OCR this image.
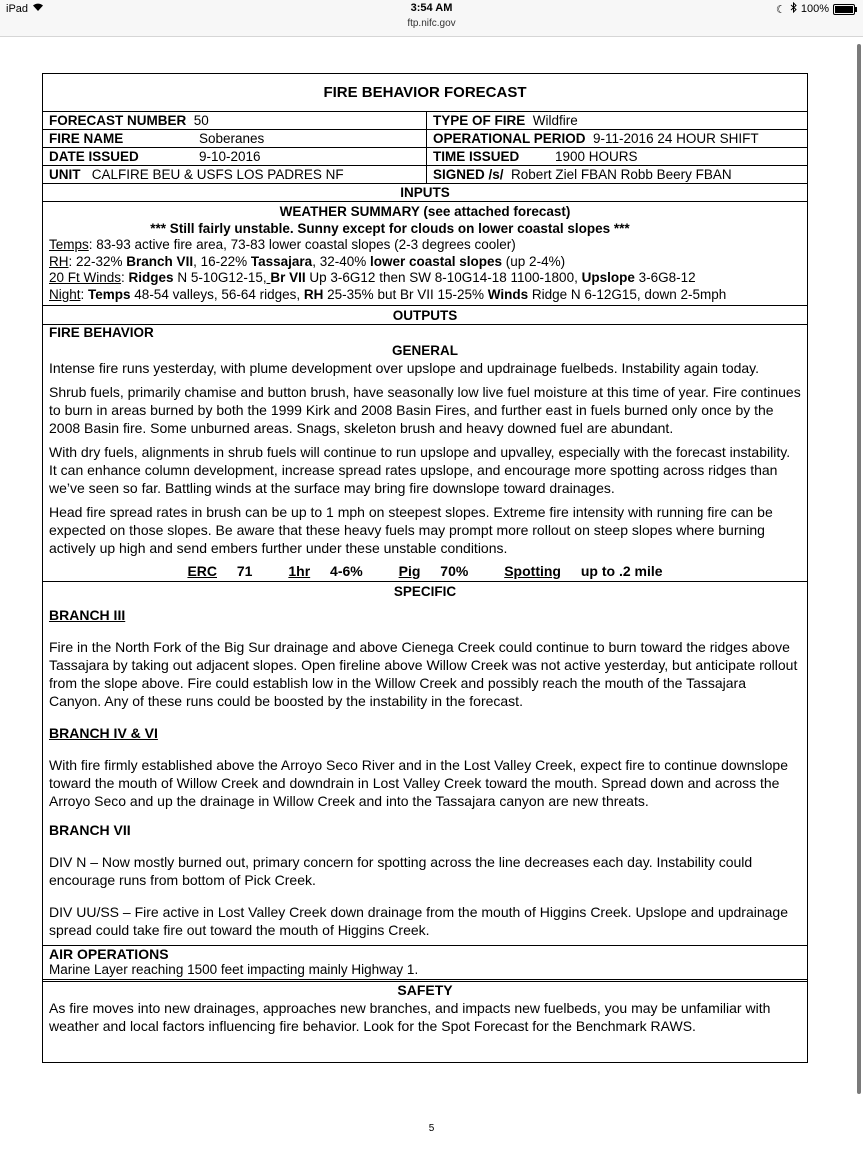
iPad	3:54 AM
ftp.nifc.gov
☾ 100%
FIRE BEHAVIOR FORECAST
FORECAST NUMBER 50	TYPE OF FIRE Wildfire
FIRE NAME	Soberanes	OPERATIONAL PERIOD 9-11-2016 24 HOUR SHIFT
DATE ISSUED	9-10-2016	TIME ISSUED	1900 HOURS
UNIT CALFIRE BEU & USFS LOS PADRES NF	SIGNED /s/ Robert Ziel FBAN Robb Beery FBAN
INPUTS
WEATHER SUMMARY (see attached forecast)
*** Still fairly unstable. Sunny except for clouds on lower coastal slopes ***
Temps: 83-93 active fire area, 73-83 lower coastal slopes (2-3 degrees cooler)
RH: 22-32% Branch VII, 16-22% Tassajara, 32-40% lower coastal slopes (up 2-4%)
20 Ft Winds: Ridges N 5-10G12-15, Br VII Up 3-6G12 then SW 8-10G14-18 1100-1800, Upslope 3-6G8-12
Night: Temps 48-54 valleys, 56-64 ridges, RH 25-35% but Br VII 15-25% Winds Ridge N 6-12G15, down 2-5mph
OUTPUTS
FIRE BEHAVIOR
GENERAL

Intense fire runs yesterday, with plume development over upslope and updrainage fuelbeds. Instability again today.

Shrub fuels, primarily chamise and button brush, have seasonally low live fuel moisture at this time of year. Fire continues to burn in areas burned by both the 1999 Kirk and 2008 Basin Fires, and further east in fuels burned only once by the 2008 Basin fire. Some unburned areas. Snags, skeleton brush and heavy downed fuel are abundant.

With dry fuels, alignments in shrub fuels will continue to run upslope and upvalley, especially with the forecast instability. It can enhance column development, increase spread rates upslope, and encourage more spotting across ridges than we’ve seen so far. Battling winds at the surface may bring fire downslope toward drainages.

Head fire spread rates in brush can be up to 1 mph on steepest slopes. Extreme fire intensity with running fire can be expected on those slopes. Be aware that these heavy fuels may prompt more rollout on steep slopes where burning actively up high and send embers further under these unstable conditions.

ERC 71	1hr 4-6%	Pig 70%	Spotting up to .2 mile
SPECIFIC
BRANCH III

Fire in the North Fork of the Big Sur drainage and above Cienega Creek could continue to burn toward the ridges above Tassajara by taking out adjacent slopes. Open fireline above Willow Creek was not active yesterday, but anticipate rollout from the slope above. Fire could establish low in the Willow Creek and possibly reach the mouth of the Tassajara Canyon. Any of these runs could be boosted by the instability in the forecast.

BRANCH IV & VI

With fire firmly established above the Arroyo Seco River and in the Lost Valley Creek, expect fire to continue downslope toward the mouth of Willow Creek and downdrain in Lost Valley Creek toward the mouth. Spread down and across the Arroyo Seco and up the drainage in Willow Creek and into the Tassajara canyon are new threats.

BRANCH VII

DIV N – Now mostly burned out, primary concern for spotting across the line decreases each day. Instability could encourage runs from bottom of Pick Creek.

DIV UU/SS – Fire active in Lost Valley Creek down drainage from the mouth of Higgins Creek. Upslope and updrainage spread could take fire out toward the mouth of Higgins Creek.

AIR OPERATIONS
Marine Layer reaching 1500 feet impacting mainly Highway 1.
SAFETY

As fire moves into new drainages, approaches new branches, and impacts new fuelbeds, you may be unfamiliar with weather and local factors influencing fire behavior. Look for the Spot Forecast for the Benchmark RAWS.

5
